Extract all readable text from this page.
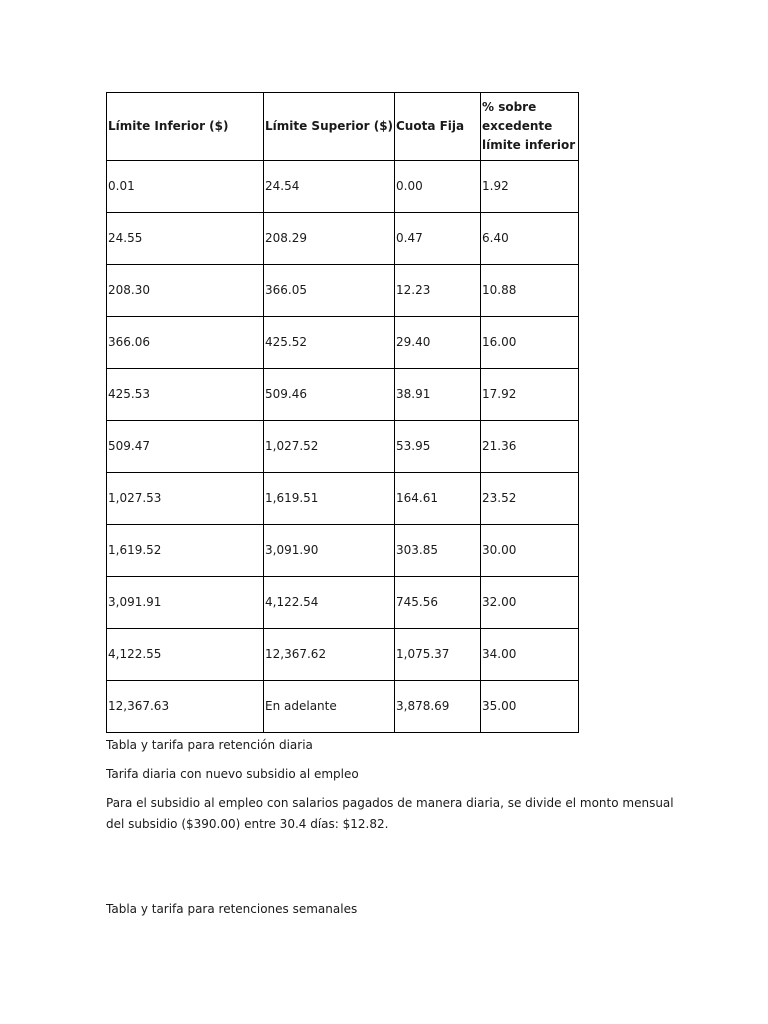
Límite Inferior ($)	Límite Superior ($)	Cuota Fija	% sobre excedente límite inferior
0.01	24.54	0.00	1.92
24.55	208.29	0.47	6.40
208.30	366.05	12.23	10.88
366.06	425.52	29.40	16.00
425.53	509.46	38.91	17.92
509.47	1,027.52	53.95	21.36
1,027.53	1,619.51	164.61	23.52
1,619.52	3,091.90	303.85	30.00
3,091.91	4,122.54	745.56	32.00
4,122.55	12,367.62	1,075.37	34.00
12,367.63	En adelante	3,878.69	35.00

Tabla y tarifa para retención diaria

Tarifa diaria con nuevo subsidio al empleo

Para el subsidio al empleo con salarios pagados de manera diaria, se divide el monto mensual del subsidio ($390.00) entre 30.4 días: $12.82.

Tabla y tarifa para retenciones semanales
